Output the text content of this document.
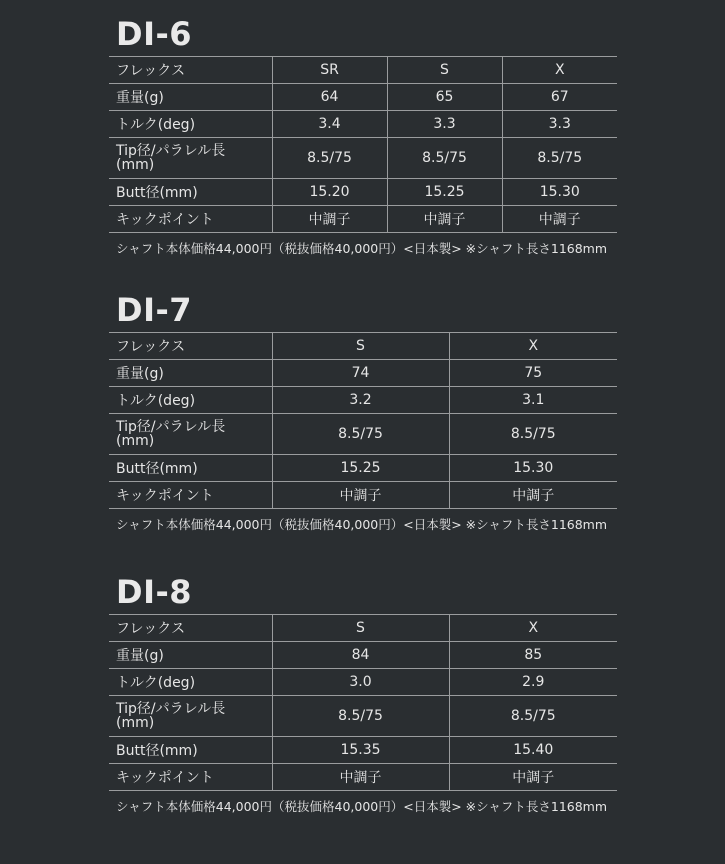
DI-6
フレックス	SR	S	X
重量(g)	64	65	67
トルク(deg)	3.4	3.3	3.3

Tip径/パラレル長
(mm)	8.5/75	8.5/75	8.5/75
Butt径(mm)	15.20	15.25	15.30
キックポイント	中調子	中調子	中調子
シャフト本体価格44,000円（税抜価格40,000円）<日本製> ※シャフト長さ1168mm
DI-7
フレックス	S	X
重量(g)	74	75
トルク(deg)	3.2	3.1

Tip径/パラレル長
(mm)	8.5/75	8.5/75
Butt径(mm)	15.25	15.30
キックポイント	中調子	中調子
シャフト本体価格44,000円（税抜価格40,000円）<日本製> ※シャフト長さ1168mm
DI-8
フレックス	S	X
重量(g)	84	85
トルク(deg)	3.0	2.9

Tip径/パラレル長
(mm)	8.5/75	8.5/75
Butt径(mm)	15.35	15.40
キックポイント	中調子	中調子
シャフト本体価格44,000円（税抜価格40,000円）<日本製> ※シャフト長さ1168mm
